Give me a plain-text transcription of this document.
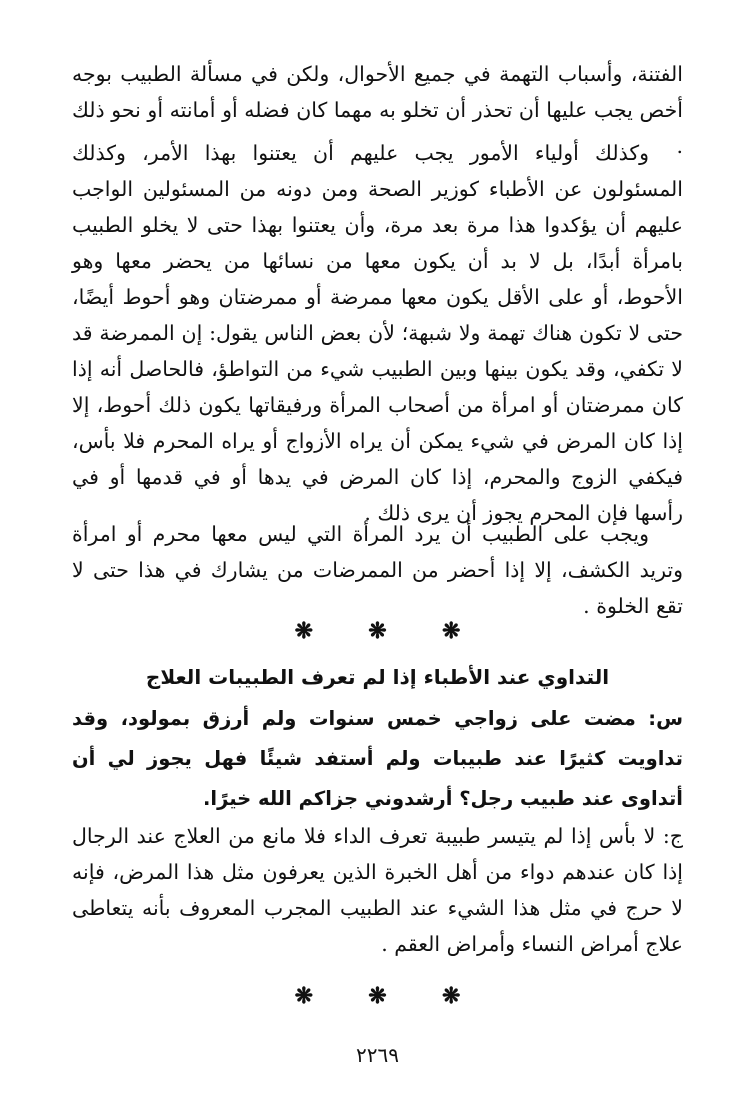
الفتنة، وأسباب التهمة في جميع الأحوال، ولكن في مسألة الطبيب بوجه أخص يجب عليها أن تحذر أن تخلو به مهما كان فضله أو أمانته أو نحو ذلك .

وكذلك أولياء الأمور يجب عليهم أن يعتنوا بهذا الأمر، وكذلك المسئولون عن الأطباء كوزير الصحة ومن دونه من المسئولين الواجب عليهم أن يؤكدوا هذا مرة بعد مرة، وأن يعتنوا بهذا حتى لا يخلو الطبيب بامرأة أبدًا، بل لا بد أن يكون معها من نسائها من يحضر معها وهو الأحوط، أو على الأقل يكون معها ممرضة أو ممرضتان وهو أحوط أيضًا، حتى لا تكون هناك تهمة ولا شبهة؛ لأن بعض الناس يقول: إن الممرضة قد لا تكفي، وقد يكون بينها وبين الطبيب شيء من التواطؤ، فالحاصل أنه إذا كان ممرضتان أو امرأة من أصحاب المرأة ورفيقاتها يكون ذلك أحوط، إلا إذا كان المرض في شيء يمكن أن يراه الأزواج أو يراه المحرم فلا بأس، فيكفي الزوج والمحرم، إذا كان المرض في يدها أو في قدمها أو في رأسها فإن المحرم يجوز أن يرى ذلك .

ويجب على الطبيب أن يرد المرأة التي ليس معها محرم أو امرأة وتريد الكشف، إلا إذا أحضر من الممرضات من يشارك في هذا حتى لا تقع الخلوة .

❋	❋	❋
التداوي عند الأطباء إذا لم تعرف الطبيبات العلاج

س: مضت على زواجي خمس سنوات ولم أرزق بمولود، وقد تداويت كثيرًا عند طبيبات ولم أستفد شيئًا فهل يجوز لي أن أتداوى عند طبيب رجل؟ أرشدوني جزاكم الله خيرًا.

ج: لا بأس إذا لم يتيسر طبيبة تعرف الداء فلا مانع من العلاج عند الرجال إذا كان عندهم دواء من أهل الخبرة الذين يعرفون مثل هذا المرض، فإنه لا حرج في مثل هذا الشيء عند الطبيب المجرب المعروف بأنه يتعاطى علاج أمراض النساء وأمراض العقم .

❋	❋	❋
٢٢٦٩
